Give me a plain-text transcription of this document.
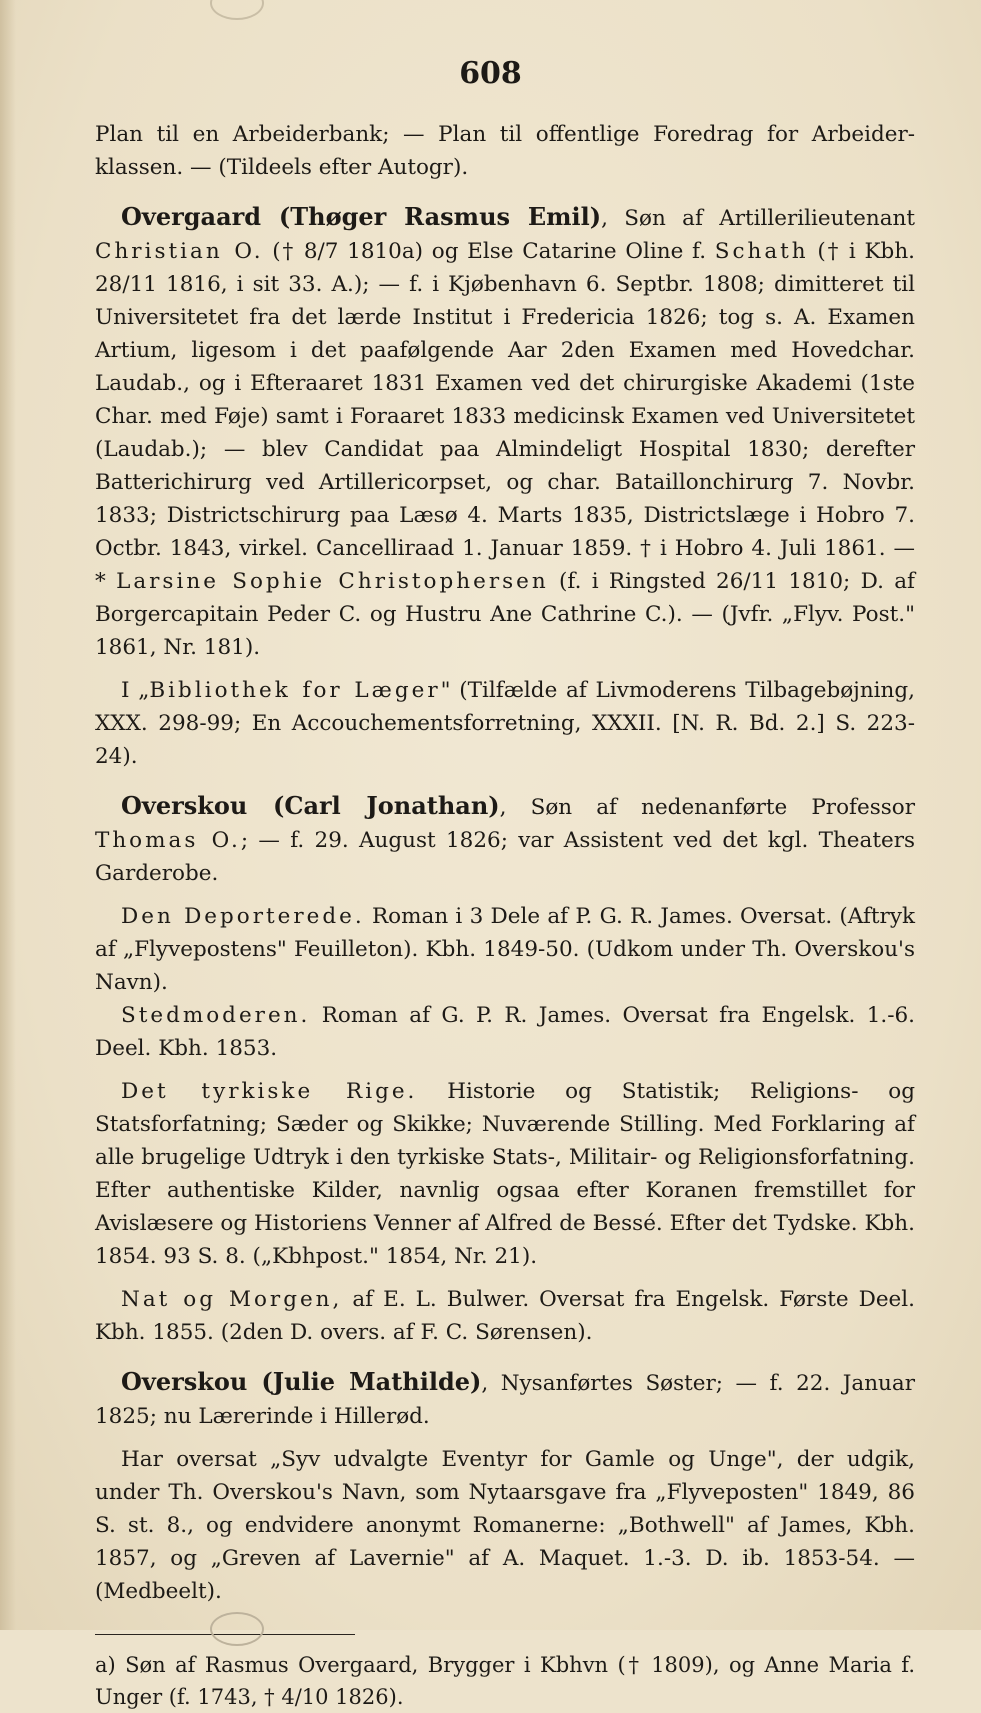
608

Plan til en Arbeiderbank; — Plan til offentlige Foredrag for Arbeider- klassen. — (Tildeels efter Autogr).

Overgaard (Thøger Rasmus Emil), Søn af Artillerilieutenant Christian O. († 8/7 1810a) og Else Catarine Oline f. Schath († i Kbh. 28/11 1816, i sit 33. A.); — f. i Kjøbenhavn 6. Septbr. 1808; dimitteret til Universitetet fra det lærde Institut i Fredericia 1826; tog s. A. Examen Artium, ligesom i det paafølgende Aar 2den Examen med Hovedchar. Laudab., og i Efteraaret 1831 Examen ved det chirurgiske Akademi (1ste Char. med Føje) samt i Foraaret 1833 medicinsk Examen ved Universitetet (Laudab.); — blev Candidat paa Almindeligt Hospital 1830; derefter Batterichirurg ved Artillericorpset, og char. Bataillonchirurg 7. Novbr. 1833; Districtschirurg paa Læsø 4. Marts 1835, Districtslæge i Hobro 7. Octbr. 1843, virkel. Cancelliraad 1. Januar 1859. † i Hobro 4. Juli 1861. — * Larsine Sophie Christophersen (f. i Ringsted 26/11 1810; D. af Borgercapitain Peder C. og Hustru Ane Cathrine C.). — (Jvfr. „Flyv. Post." 1861, Nr. 181).

I „Bibliothek for Læger" (Tilfælde af Livmoderens Tilbagebøjning, XXX. 298-99; En Accouchementsforretning, XXXII. [N. R. Bd. 2.] S. 223-24).

Overskou (Carl Jonathan), Søn af nedenanførte Professor Thomas O.; — f. 29. August 1826; var Assistent ved det kgl. Theaters Garderobe.

Den Deporterede. Roman i 3 Dele af P. G. R. James. Oversat. (Aftryk af „Flyvepostens" Feuilleton). Kbh. 1849-50. (Udkom under Th. Overskou's Navn).

Stedmoderen. Roman af G. P. R. James. Oversat fra Engelsk. 1.-6. Deel. Kbh. 1853.

Det tyrkiske Rige. Historie og Statistik; Religions- og Statsforfatning; Sæder og Skikke; Nuværende Stilling. Med Forklaring af alle brugelige Udtryk i den tyrkiske Stats-, Militair- og Religionsforfatning. Efter authentiske Kilder, navnlig ogsaa efter Koranen fremstillet for Avislæsere og Historiens Venner af Alfred de Bessé. Efter det Tydske. Kbh. 1854. 93 S. 8. („Kbhpost." 1854, Nr. 21).

Nat og Morgen, af E. L. Bulwer. Oversat fra Engelsk. Første Deel. Kbh. 1855. (2den D. overs. af F. C. Sørensen).

Overskou (Julie Mathilde), Nysanførtes Søster; — f. 22. Januar 1825; nu Lærerinde i Hillerød.

Har oversat „Syv udvalgte Eventyr for Gamle og Unge", der udgik, under Th. Overskou's Navn, som Nytaarsgave fra „Flyveposten" 1849, 86 S. st. 8., og endvidere anonymt Romanerne: „Bothwell" af James, Kbh. 1857, og „Greven af Lavernie" af A. Maquet. 1.-3. D. ib. 1853-54. — (Medbeelt).

a) Søn af Rasmus Overgaard, Brygger i Kbhvn († 1809), og Anne Maria f. Unger (f. 1743, † 4/10 1826).
